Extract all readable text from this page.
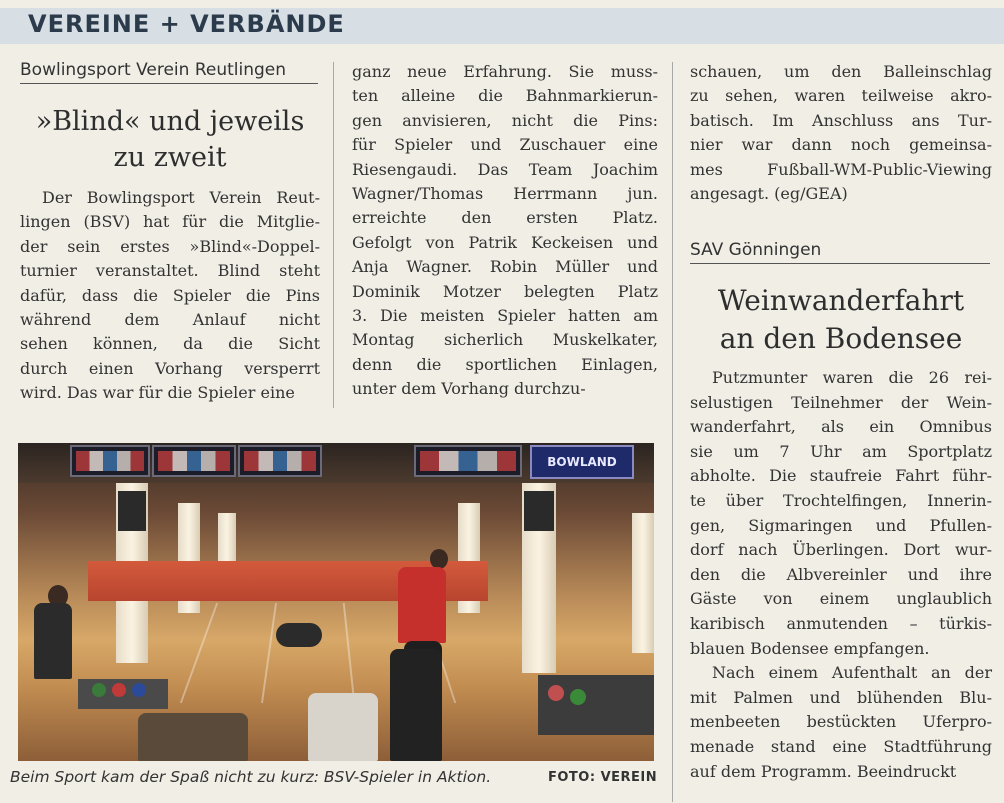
VEREINE + VERBÄNDE
Bowlingsport Verein Reutlingen
»Blind« und jeweils
zu zweit
Der Bowlingsport Verein Reut-
lingen (BSV) hat für die Mitglie-
der sein erstes »Blind«-Doppel-
turnier veranstaltet. Blind steht
dafür, dass die Spieler die Pins
während dem Anlauf nicht
sehen können, da die Sicht
durch einen Vorhang versperrt
wird. Das war für die Spieler eine
ganz neue Erfahrung. Sie muss-
ten alleine die Bahnmarkierun-
gen anvisieren, nicht die Pins:
für Spieler und Zuschauer eine
Riesengaudi. Das Team Joachim
Wagner/Thomas Herrmann jun.
erreichte den ersten Platz.
Gefolgt von Patrik Keckeisen und
Anja Wagner. Robin Müller und
Dominik Motzer belegten Platz
3. Die meisten Spieler hatten am
Montag sicherlich Muskelkater,
denn die sportlichen Einlagen,
unter dem Vorhang durchzu-
schauen, um den Balleinschlag
zu sehen, waren teilweise akro-
batisch. Im Anschluss ans Tur-
nier war dann noch gemeinsa-
mes Fußball-WM-Public-Viewing
angesagt. (eg/GEA)
BOWLAND
Beim Sport kam der Spaß nicht zu kurz: BSV-Spieler in Aktion.	FOTO: VEREIN
SAV Gönningen
Weinwanderfahrt
an den Bodensee
Putzmunter waren die 26 rei-
selustigen Teilnehmer der Wein-
wanderfahrt, als ein Omnibus
sie um 7 Uhr am Sportplatz
abholte. Die staufreie Fahrt führ-
te über Trochtelfingen, Innerin-
gen, Sigmaringen und Pfullen-
dorf nach Überlingen. Dort wur-
den die Albvereinler und ihre
Gäste von einem unglaublich
karibisch anmutenden – türkis-
blauen Bodensee empfangen.
Nach einem Aufenthalt an der
mit Palmen und blühenden Blu-
menbeeten bestückten Uferpro-
menade stand eine Stadtführung
auf dem Programm. Beeindruckt
